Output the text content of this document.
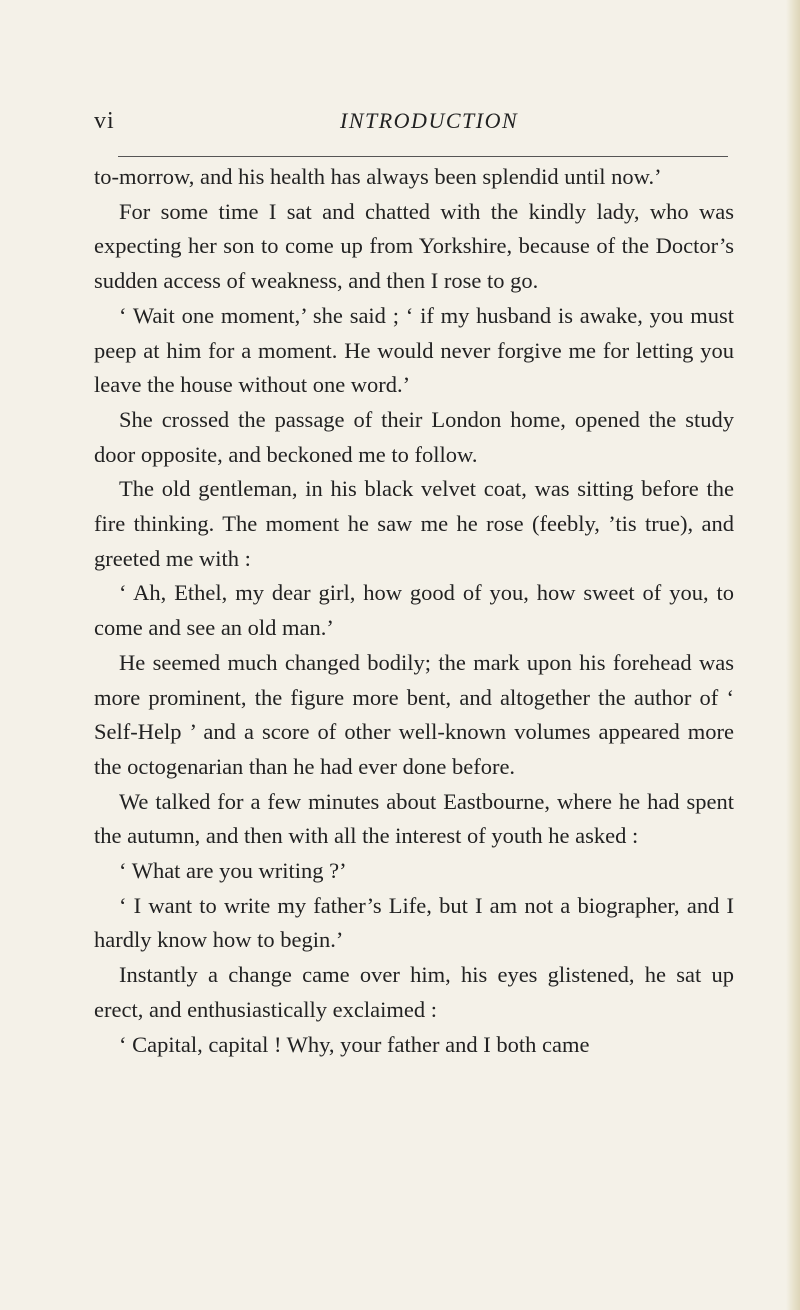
vi	INTRODUCTION

to-morrow, and his health has always been splendid until now.’

For some time I sat and chatted with the kindly lady, who was expecting her son to come up from Yorkshire, because of the Doctor’s sudden access of weakness, and then I rose to go.

‘ Wait one moment,’ she said ; ‘ if my husband is awake, you must peep at him for a moment. He would never forgive me for letting you leave the house without one word.’

She crossed the passage of their London home, opened the study door opposite, and beckoned me to follow.

The old gentleman, in his black velvet coat, was sitting before the fire thinking. The moment he saw me he rose (feebly, ’tis true), and greeted me with :

‘ Ah, Ethel, my dear girl, how good of you, how sweet of you, to come and see an old man.’

He seemed much changed bodily; the mark upon his forehead was more prominent, the figure more bent, and altogether the author of ‘ Self-Help ’ and a score of other well-known volumes appeared more the octogenarian than he had ever done before.

We talked for a few minutes about Eastbourne, where he had spent the autumn, and then with all the interest of youth he asked :

‘ What are you writing ?’

‘ I want to write my father’s Life, but I am not a biographer, and I hardly know how to begin.’

Instantly a change came over him, his eyes glistened, he sat up erect, and enthusiastically exclaimed :

‘ Capital, capital ! Why, your father and I both came
